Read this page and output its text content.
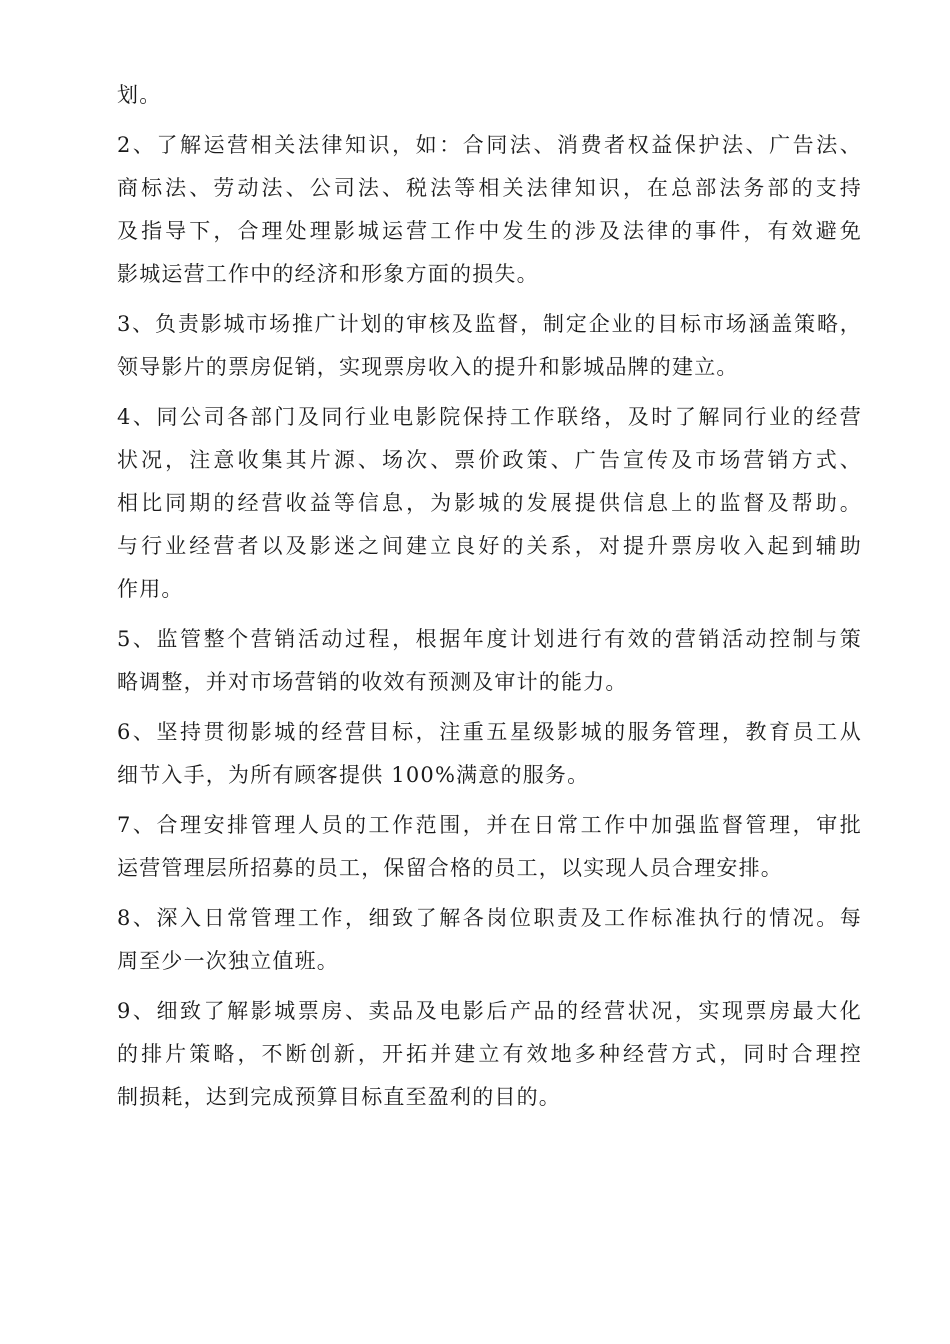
划。
2、了解运营相关法律知识，如：合同法、消费者权益保护法、广告法、
商标法、劳动法、公司法、税法等相关法律知识，在总部法务部的支持
及指导下，合理处理影城运营工作中发生的涉及法律的事件，有效避免
影城运营工作中的经济和形象方面的损失。
3、负责影城市场推广计划的审核及监督，制定企业的目标市场涵盖策略，
领导影片的票房促销，实现票房收入的提升和影城品牌的建立。
4、同公司各部门及同行业电影院保持工作联络，及时了解同行业的经营
状况，注意收集其片源、场次、票价政策、广告宣传及市场营销方式、
相比同期的经营收益等信息，为影城的发展提供信息上的监督及帮助。
与行业经营者以及影迷之间建立良好的关系，对提升票房收入起到辅助
作用。
5、监管整个营销活动过程，根据年度计划进行有效的营销活动控制与策
略调整，并对市场营销的收效有预测及审计的能力。
6、坚持贯彻影城的经营目标，注重五星级影城的服务管理，教育员工从
细节入手，为所有顾客提供 100%满意的服务。
7、合理安排管理人员的工作范围，并在日常工作中加强监督管理，审批
运营管理层所招募的员工，保留合格的员工，以实现人员合理安排。
8、深入日常管理工作，细致了解各岗位职责及工作标准执行的情况。每
周至少一次独立值班。
9、细致了解影城票房、卖品及电影后产品的经营状况，实现票房最大化
的排片策略，不断创新，开拓并建立有效地多种经营方式，同时合理控
制损耗，达到完成预算目标直至盈利的目的。
